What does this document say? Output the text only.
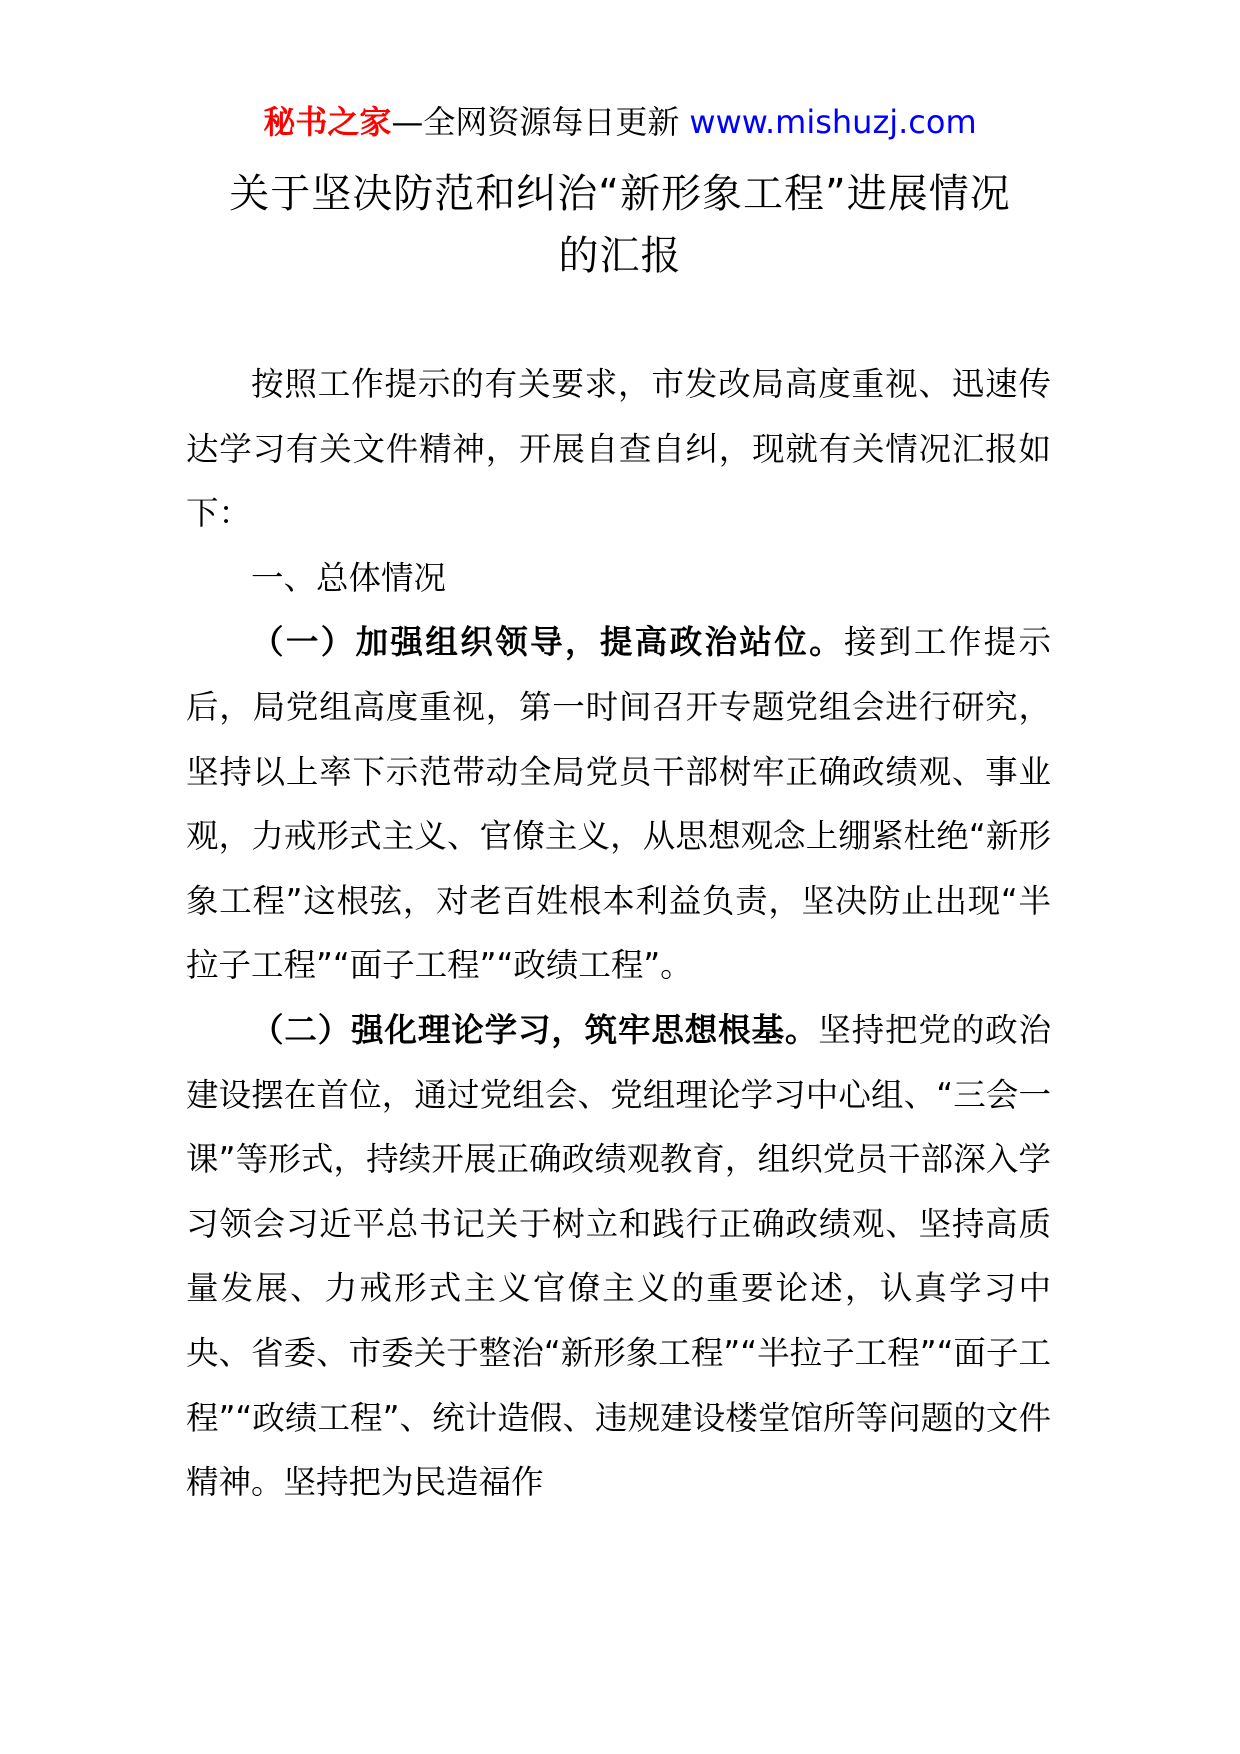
秘书之家—全网资源每日更新 www.mishuzj.com
关于坚决防范和纠治“新形象工程”进展情况
的汇报

按照工作提示的有关要求，市发改局高度重视、迅速传达学习有关文件精神，开展自查自纠，现就有关情况汇报如下：

一、总体情况

（一）加强组织领导，提高政治站位。接到工作提示后，局党组高度重视，第一时间召开专题党组会进行研究，坚持以上率下示范带动全局党员干部树牢正确政绩观、事业观，力戒形式主义、官僚主义，从思想观念上绷紧杜绝“新形象工程”这根弦，对老百姓根本利益负责，坚决防止出现“半拉子工程”“面子工程”“政绩工程”。

（二）强化理论学习，筑牢思想根基。坚持把党的政治建设摆在首位，通过党组会、党组理论学习中心组、“三会一课”等形式，持续开展正确政绩观教育，组织党员干部深入学习领会习近平总书记关于树立和践行正确政绩观、坚持高质量发展、力戒形式主义官僚主义的重要论述，认真学习中央、省委、市委关于整治“新形象工程”“半拉子工程”“面子工程”“政绩工程”、统计造假、违规建设楼堂馆所等问题的文件精神。坚持把为民造福作
